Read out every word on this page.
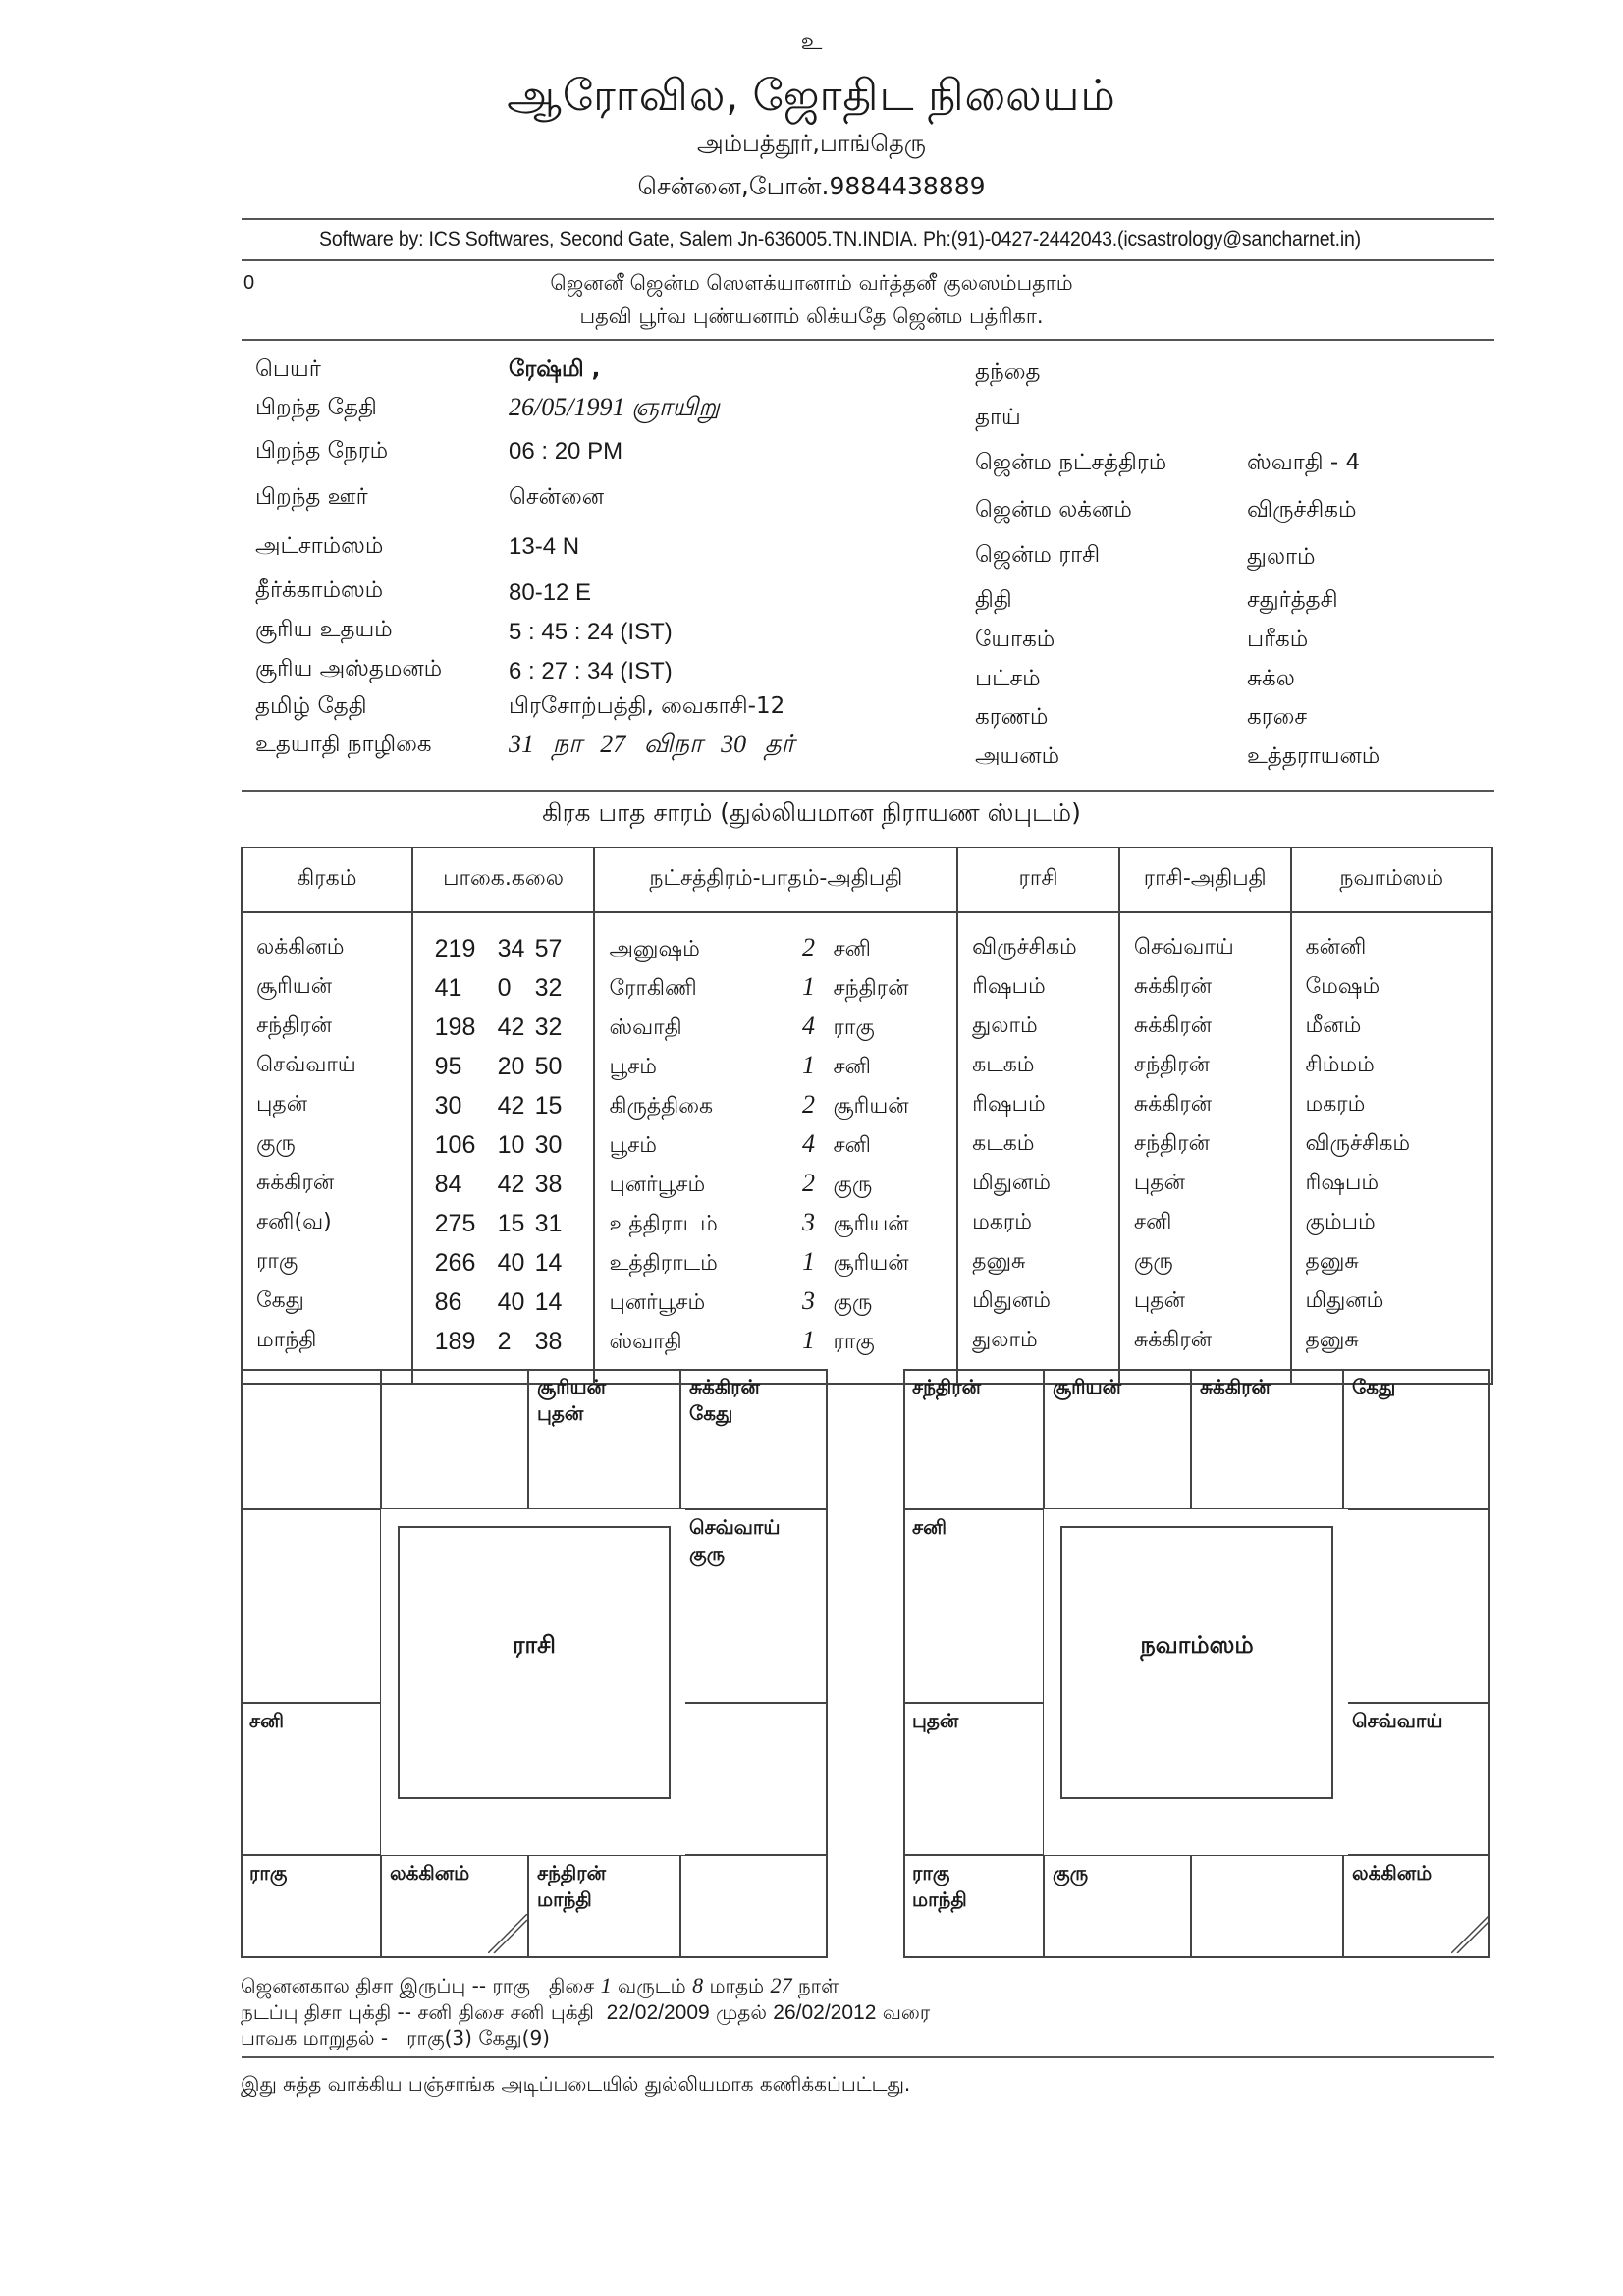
உ
ஆரோவில, ஜோதிட நிலையம்
அம்பத்தூர்,பாங்தெரு
சென்னை,போன்.9884438889
Software by: ICS Softwares, Second Gate, Salem Jn-636005.TN.INDIA. Ph:(91)-0427-2442043.(icsastrology@sancharnet.in)
0	ஜெனனீ ஜென்ம ஸௌக்யானாம் வர்த்தனீ குலஸம்பதாம்
பதவி பூர்வ புண்யனாம் லிக்யதே ஜென்ம பத்ரிகா.
பெயர்	ரேஷ்மி ,
பிறந்த தேதி	26/05/1991 ஞாயிறு
பிறந்த நேரம்	06 : 20 PM
பிறந்த ஊர்	சென்னை
அட்சாம்ஸம்	13-4 N
தீர்க்காம்ஸம்	80-12 E
சூரிய உதயம்	5 : 45 : 24 (IST)
சூரிய அஸ்தமனம்	6 : 27 : 34 (IST)
தமிழ் தேதி	பிரசோற்பத்தி, வைகாசி-12
உதயாதி நாழிகை	31 நா 27 விநா 30 தர்
தந்தை
தாய்
ஜென்ம நட்சத்திரம்	ஸ்வாதி - 4
ஜென்ம லக்னம்	விருச்சிகம்
ஜென்ம ராசி	துலாம்
திதி	சதுர்த்தசி
யோகம்	பரீகம்
பட்சம்	சுக்ல
கரணம்	கரசை
அயனம்	உத்தராயனம்
கிரக பாத சாரம் (துல்லியமான நிராயண ஸ்புடம்)
கிரகம்	பாகை.கலை	நட்சத்திரம்-பாதம்-அதிபதி	ராசி	ராசி-அதிபதி	நவாம்ஸம்
லக்கினம்	219 34 57	அனுஷம் 2 சனி	விருச்சிகம்	செவ்வாய்	கன்னி
சூரியன்	41 0 32	ரோகிணி 1 சந்திரன்	ரிஷபம்	சுக்கிரன்	மேஷம்
சந்திரன்	198 42 32	ஸ்வாதி 4 ராகு	துலாம்	சுக்கிரன்	மீனம்
செவ்வாய்	95 20 50	பூசம் 1 சனி	கடகம்	சந்திரன்	சிம்மம்
புதன்	30 42 15	கிருத்திகை 2 சூரியன்	ரிஷபம்	சுக்கிரன்	மகரம்
குரு	106 10 30	பூசம் 4 சனி	கடகம்	சந்திரன்	விருச்சிகம்
சுக்கிரன்	84 42 38	புனர்பூசம் 2 குரு	மிதுனம்	புதன்	ரிஷபம்
சனி(வ)	275 15 31	உத்திராடம் 3 சூரியன்	மகரம்	சனி	கும்பம்
ராகு	266 40 14	உத்திராடம் 1 சூரியன்	தனுசு	குரு	தனுசு
கேது	86 40 14	புனர்பூசம் 3 குரு	மிதுனம்	புதன்	மிதுனம்
மாந்தி	189 2 38	ஸ்வாதி 1 ராகு	துலாம்	சுக்கிரன்	தனுசு
சூரியன்
புதன்
சுக்கிரன்
கேது
செவ்வாய்
குரு
சனி
ராகு	லக்கினம்	சந்திரன்
மாந்தி
ராசி
சந்திரன்	சூரியன்	சுக்கிரன்	கேது
சனி
புதன்	செவ்வாய்
ராகு
மாந்தி
குரு	லக்கினம்
நவாம்ஸம்
ஜெனனகால திசா இருப்பு -- ராகு திசை 1 வருடம் 8 மாதம் 27 நாள்
நடப்பு திசா புக்தி -- சனி திசை சனி புக்தி 22/02/2009 முதல் 26/02/2012 வரை
பாவக மாறுதல் - ராகு(3) கேது(9)
இது சுத்த வாக்கிய பஞ்சாங்க அடிப்படையில் துல்லியமாக கணிக்கப்பட்டது.
